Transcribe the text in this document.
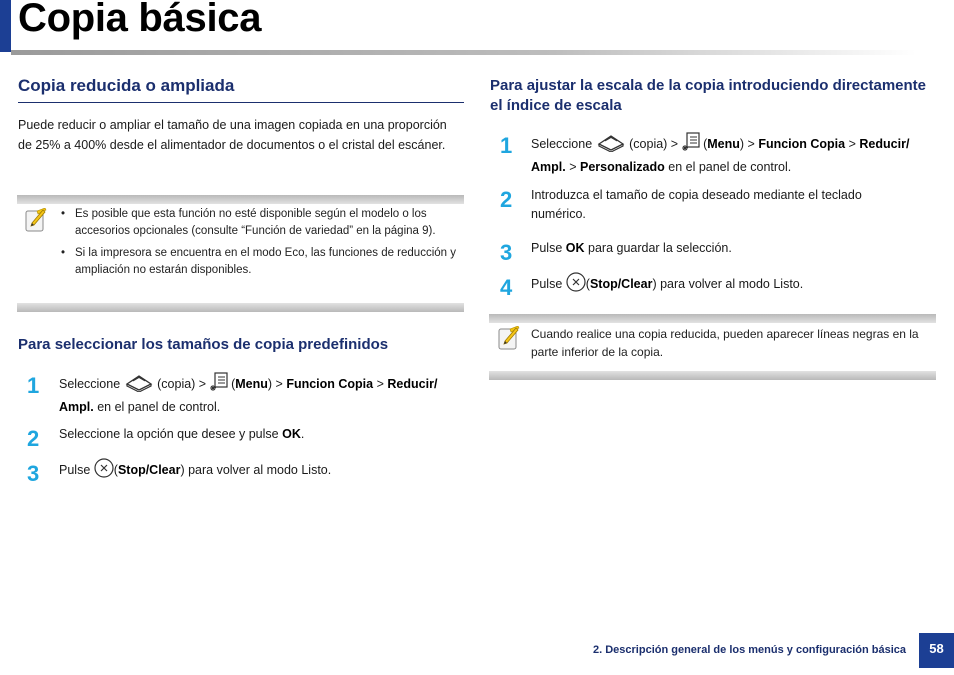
Copia básica
Copia reducida o ampliada
Puede reducir o ampliar el tamaño de una imagen copiada en una proporción de 25% a 400% desde el alimentador de documentos o el cristal del escáner.
• Es posible que esta función no esté disponible según el modelo o los accesorios opcionales (consulte “Función de variedad” en la página 9).
• Si la impresora se encuentra en el modo Eco, las funciones de reducción y ampliación no estarán disponibles.
Para seleccionar los tamaños de copia predefinidos
1 Seleccione	(copia) >  (Menu) > Funcion Copia > Reducir/ Ampl. en el panel de control.
2 Seleccione la opción que desee y pulse OK.
3 Pulse (Stop/Clear) para volver al modo Listo.
Para ajustar la escala de la copia introduciendo directamente el índice de escala
1 Seleccione	(copia) >  (Menu) > Funcion Copia > Reducir/ Ampl. > Personalizado en el panel de control.
2 Introduzca el tamaño de copia deseado mediante el teclado numérico.
3 Pulse OK para guardar la selección.
4 Pulse (Stop/Clear) para volver al modo Listo.
Cuando realice una copia reducida, pueden aparecer líneas negras en la parte inferior de la copia.
2. Descripción general de los menús y configuración básica	58
